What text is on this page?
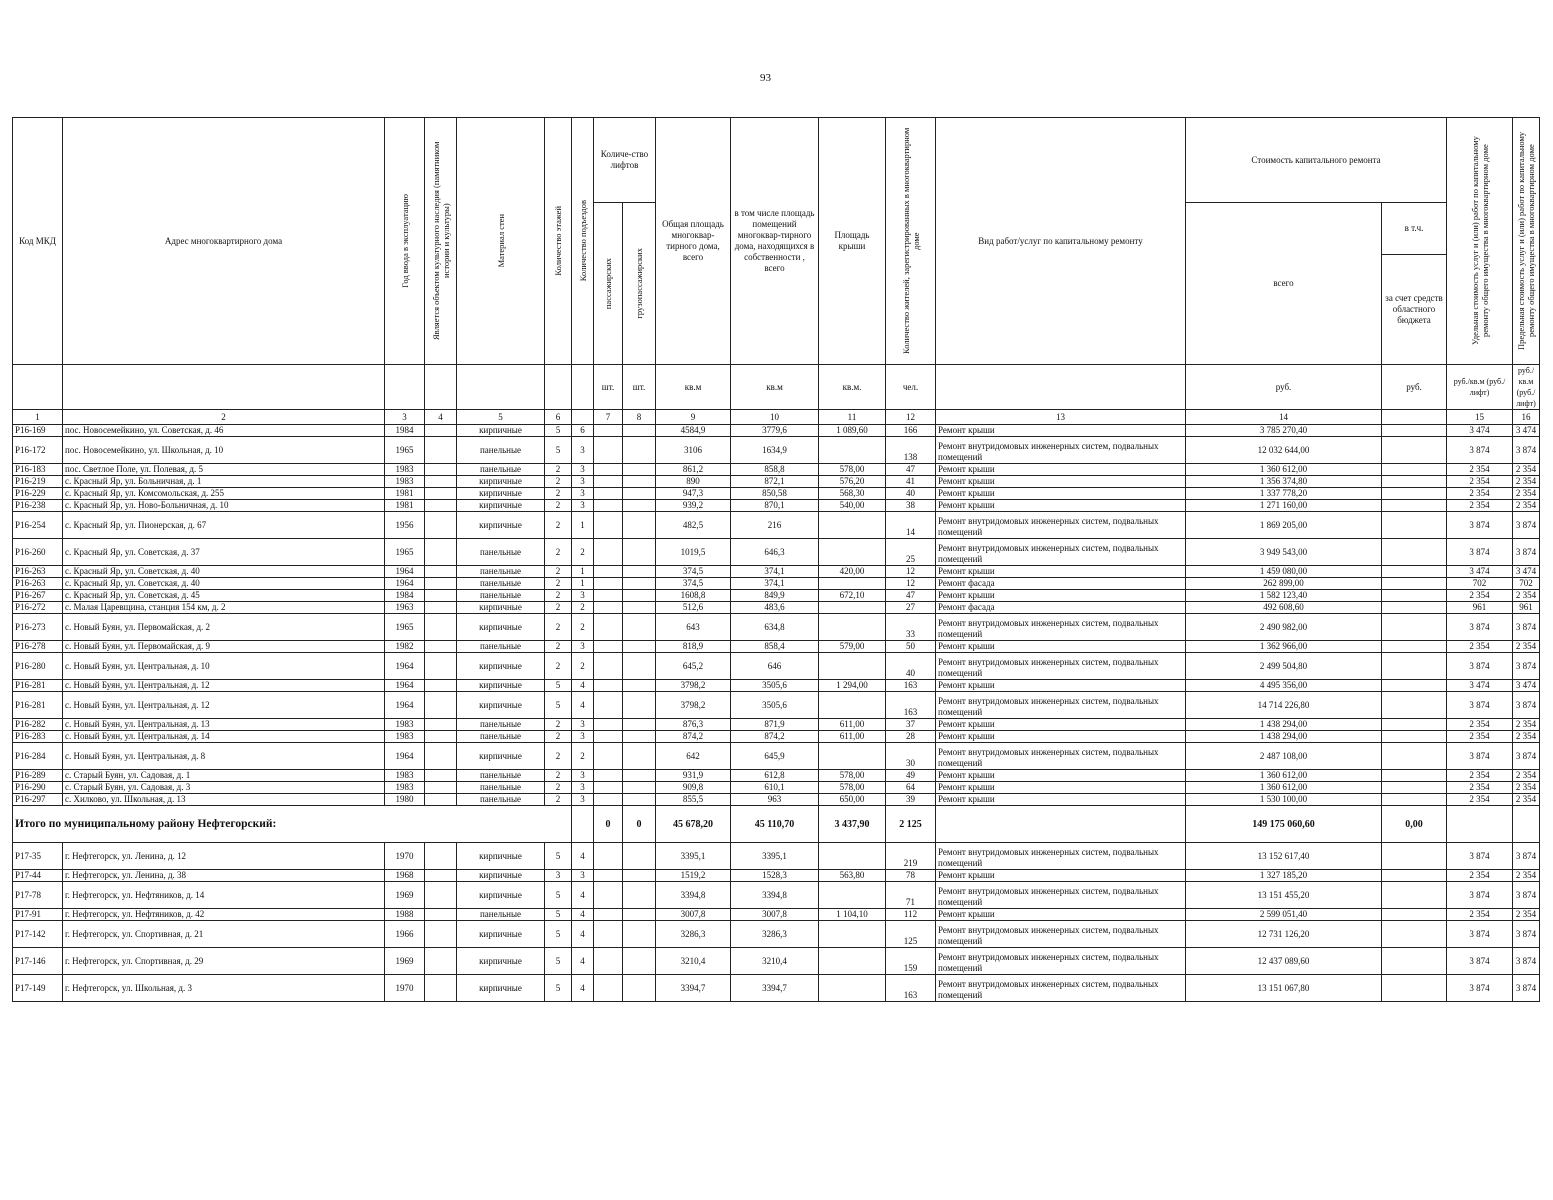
93
Код МКД	Адрес многоквартирного дома	Год ввода в эксплуатацию	Является объектом культурного наследия (памятником истории и культуры)	Материал стен	Количество этажей	Количество подъездов	Количе-ство лифтов		Общая площадь многоквар-тирного дома, всего	в том числе площадь помещений многоквар-тирного дома, находящихся в собственности , всего	Площадь крыши	Количество жителей, зарегистрированных в многоквартирном доме	Вид работ/услуг по капитальному ремонту	Стоимость капитального ремонта		Удельная стоимость услуг и (или) работ по капитальному ремонту общего имущества в многоквартирном доме	Предельная стоимость услуг и (или) работ по капитальному ремонту общего имущества в многоквартирном доме

							пассажирских	грузопассажирских						всего	в т.ч.		
															за счет средств областного бюджета		
							шт.	шт.	кв.м	кв.м	кв.м.	чел.		руб.	руб.	руб./кв.м (руб./лифт)	руб./кв.м (руб./лифт)
1	2	3	4	5	6		7	8	9	10	11	12	13	14		15	16
Р16-169	пос. Новосемейкино, ул. Советская, д. 46	1984		кирпичные	5	6			4584,9	3779,6	1 089,60	166	Ремонт крыши	3 785 270,40		3 474	3 474
Р16-172	пос. Новосемейкино, ул. Школьная, д. 10	1965		панельные	5	3			3106	1634,9		138	Ремонт внутридомовых инженерных систем, подвальных помещений	12 032 644,00		3 874	3 874
Р16-183	пос. Светлое Поле, ул. Полевая, д. 5	1983		панельные	2	3			861,2	858,8	578,00	47	Ремонт крыши	1 360 612,00		2 354	2 354
Р16-219	с. Красный Яр, ул. Больничная, д. 1	1983		кирпичные	2	3			890	872,1	576,20	41	Ремонт крыши	1 356 374,80		2 354	2 354
Р16-229	с. Красный Яр, ул. Комсомольская, д. 255	1981		кирпичные	2	3			947,3	850,58	568,30	40	Ремонт крыши	1 337 778,20		2 354	2 354
Р16-238	с. Красный Яр, ул. Ново-Больничная, д. 10	1981		кирпичные	2	3			939,2	870,1	540,00	38	Ремонт крыши	1 271 160,00		2 354	2 354
Р16-254	с. Красный Яр, ул. Пионерская, д. 67	1956		кирпичные	2	1			482,5	216		14	Ремонт внутридомовых инженерных систем, подвальных помещений	1 869 205,00		3 874	3 874
Р16-260	с. Красный Яр, ул. Советская, д. 37	1965		панельные	2	2			1019,5	646,3		25	Ремонт внутридомовых инженерных систем, подвальных помещений	3 949 543,00		3 874	3 874
Р16-263	с. Красный Яр, ул. Советская, д. 40	1964		панельные	2	1			374,5	374,1	420,00	12	Ремонт крыши	1 459 080,00		3 474	3 474
Р16-263	с. Красный Яр, ул. Советская, д. 40	1964		панельные	2	1			374,5	374,1		12	Ремонт фасада	262 899,00		702	702
Р16-267	с. Красный Яр, ул. Советская, д. 45	1984		панельные	2	3			1608,8	849,9	672,10	47	Ремонт крыши	1 582 123,40		2 354	2 354
Р16-272	с. Малая Царевщина, станция 154 км, д. 2	1963		кирпичные	2	2			512,6	483,6		27	Ремонт фасада	492 608,60		961	961
Р16-273	с. Новый Буян, ул. Первомайская, д. 2	1965		кирпичные	2	2			643	634,8		33	Ремонт внутридомовых инженерных систем, подвальных помещений	2 490 982,00		3 874	3 874
Р16-278	с. Новый Буян, ул. Первомайская, д. 9	1982		панельные	2	3			818,9	858,4	579,00	50	Ремонт крыши	1 362 966,00		2 354	2 354
Р16-280	с. Новый Буян, ул. Центральная, д. 10	1964		кирпичные	2	2			645,2	646		40	Ремонт внутридомовых инженерных систем, подвальных помещений	2 499 504,80		3 874	3 874
Р16-281	с. Новый Буян, ул. Центральная, д. 12	1964		кирпичные	5	4			3798,2	3505,6	1 294,00	163	Ремонт крыши	4 495 356,00		3 474	3 474
Р16-281	с. Новый Буян, ул. Центральная, д. 12	1964		кирпичные	5	4			3798,2	3505,6		163	Ремонт внутридомовых инженерных систем, подвальных помещений	14 714 226,80		3 874	3 874
Р16-282	с. Новый Буян, ул. Центральная, д. 13	1983		панельные	2	3			876,3	871,9	611,00	37	Ремонт крыши	1 438 294,00		2 354	2 354
Р16-283	с. Новый Буян, ул. Центральная, д. 14	1983		панельные	2	3			874,2	874,2	611,00	28	Ремонт крыши	1 438 294,00		2 354	2 354
Р16-284	с. Новый Буян, ул. Центральная, д. 8	1964		кирпичные	2	2			642	645,9		30	Ремонт внутридомовых инженерных систем, подвальных помещений	2 487 108,00		3 874	3 874
Р16-289	с. Старый Буян, ул. Садовая, д. 1	1983		панельные	2	3			931,9	612,8	578,00	49	Ремонт крыши	1 360 612,00		2 354	2 354
Р16-290	с. Старый Буян, ул. Садовая, д. 3	1983		панельные	2	3			909,8	610,1	578,00	64	Ремонт крыши	1 360 612,00		2 354	2 354
Р16-297	с. Хилково, ул. Школьная, д. 13	1980		панельные	2	3			855,5	963	650,00	39	Ремонт крыши	1 530 100,00		2 354	2 354
Итого по муниципальному району Нефтегорский:							0	0	45 678,20	45 110,70	3 437,90	2 125		149 175 060,60	0,00		
Р17-35	г. Нефтегорск, ул. Ленина, д. 12	1970		кирпичные	5	4			3395,1	3395,1		219	Ремонт внутридомовых инженерных систем, подвальных помещений	13 152 617,40		3 874	3 874
Р17-44	г. Нефтегорск, ул. Ленина, д. 38	1968		кирпичные	3	3			1519,2	1528,3	563,80	78	Ремонт крыши	1 327 185,20		2 354	2 354
Р17-78	г. Нефтегорск, ул. Нефтяников, д. 14	1969		кирпичные	5	4			3394,8	3394,8		71	Ремонт внутридомовых инженерных систем, подвальных помещений	13 151 455,20		3 874	3 874
Р17-91	г. Нефтегорск, ул. Нефтяников, д. 42	1988		панельные	5	4			3007,8	3007,8	1 104,10	112	Ремонт крыши	2 599 051,40		2 354	2 354
Р17-142	г. Нефтегорск, ул. Спортивная, д. 21	1966		кирпичные	5	4			3286,3	3286,3		125	Ремонт внутридомовых инженерных систем, подвальных помещений	12 731 126,20		3 874	3 874
Р17-146	г. Нефтегорск, ул. Спортивная, д. 29	1969		кирпичные	5	4			3210,4	3210,4		159	Ремонт внутридомовых инженерных систем, подвальных помещений	12 437 089,60		3 874	3 874
Р17-149	г. Нефтегорск, ул. Школьная, д. 3	1970		кирпичные	5	4			3394,7	3394,7		163	Ремонт внутридомовых инженерных систем, подвальных помещений	13 151 067,80		3 874	3 874
